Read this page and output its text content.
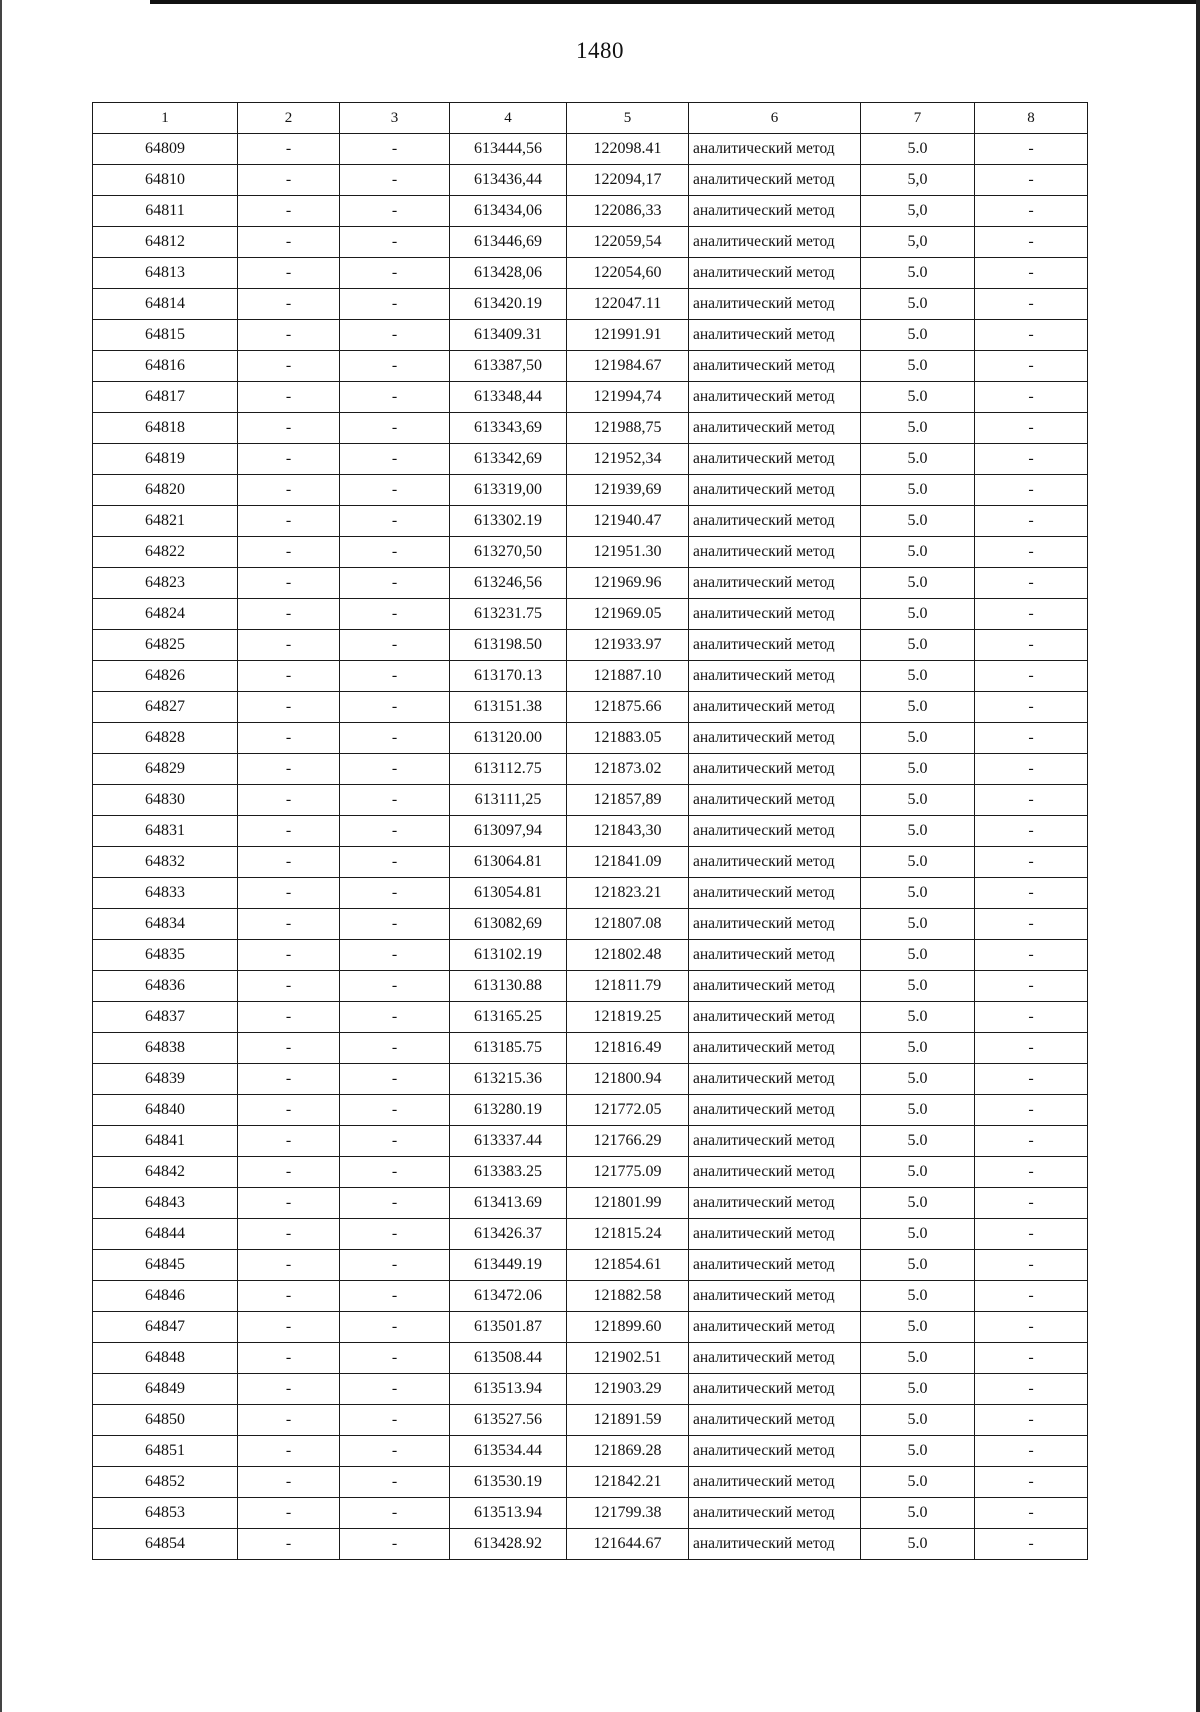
1480
1	2	3	4	5	6	7	8
64809	-	-	613444,56	122098.41	аналитический метод	5.0	-
64810	-	-	613436,44	122094,17	аналитический метод	5,0	-
64811	-	-	613434,06	122086,33	аналитический метод	5,0	-
64812	-	-	613446,69	122059,54	аналитический метод	5,0	-
64813	-	-	613428,06	122054,60	аналитический метод	5.0	-
64814	-	-	613420.19	122047.11	аналитический метод	5.0	-
64815	-	-	613409.31	121991.91	аналитический метод	5.0	-
64816	-	-	613387,50	121984.67	аналитический метод	5.0	-
64817	-	-	613348,44	121994,74	аналитический метод	5.0	-
64818	-	-	613343,69	121988,75	аналитический метод	5.0	-
64819	-	-	613342,69	121952,34	аналитический метод	5.0	-
64820	-	-	613319,00	121939,69	аналитический метод	5.0	-
64821	-	-	613302.19	121940.47	аналитический метод	5.0	-
64822	-	-	613270,50	121951.30	аналитический метод	5.0	-
64823	-	-	613246,56	121969.96	аналитический метод	5.0	-
64824	-	-	613231.75	121969.05	аналитический метод	5.0	-
64825	-	-	613198.50	121933.97	аналитический метод	5.0	-
64826	-	-	613170.13	121887.10	аналитический метод	5.0	-
64827	-	-	613151.38	121875.66	аналитический метод	5.0	-
64828	-	-	613120.00	121883.05	аналитический метод	5.0	-
64829	-	-	613112.75	121873.02	аналитический метод	5.0	-
64830	-	-	613111,25	121857,89	аналитический метод	5.0	-
64831	-	-	613097,94	121843,30	аналитический метод	5.0	-
64832	-	-	613064.81	121841.09	аналитический метод	5.0	-
64833	-	-	613054.81	121823.21	аналитический метод	5.0	-
64834	-	-	613082,69	121807.08	аналитический метод	5.0	-
64835	-	-	613102.19	121802.48	аналитический метод	5.0	-
64836	-	-	613130.88	121811.79	аналитический метод	5.0	-
64837	-	-	613165.25	121819.25	аналитический метод	5.0	-
64838	-	-	613185.75	121816.49	аналитический метод	5.0	-
64839	-	-	613215.36	121800.94	аналитический метод	5.0	-
64840	-	-	613280.19	121772.05	аналитический метод	5.0	-
64841	-	-	613337.44	121766.29	аналитический метод	5.0	-
64842	-	-	613383.25	121775.09	аналитический метод	5.0	-
64843	-	-	613413.69	121801.99	аналитический метод	5.0	-
64844	-	-	613426.37	121815.24	аналитический метод	5.0	-
64845	-	-	613449.19	121854.61	аналитический метод	5.0	-
64846	-	-	613472.06	121882.58	аналитический метод	5.0	-
64847	-	-	613501.87	121899.60	аналитический метод	5.0	-
64848	-	-	613508.44	121902.51	аналитический метод	5.0	-
64849	-	-	613513.94	121903.29	аналитический метод	5.0	-
64850	-	-	613527.56	121891.59	аналитический метод	5.0	-
64851	-	-	613534.44	121869.28	аналитический метод	5.0	-
64852	-	-	613530.19	121842.21	аналитический метод	5.0	-
64853	-	-	613513.94	121799.38	аналитический метод	5.0	-
64854	-	-	613428.92	121644.67	аналитический метод	5.0	-
